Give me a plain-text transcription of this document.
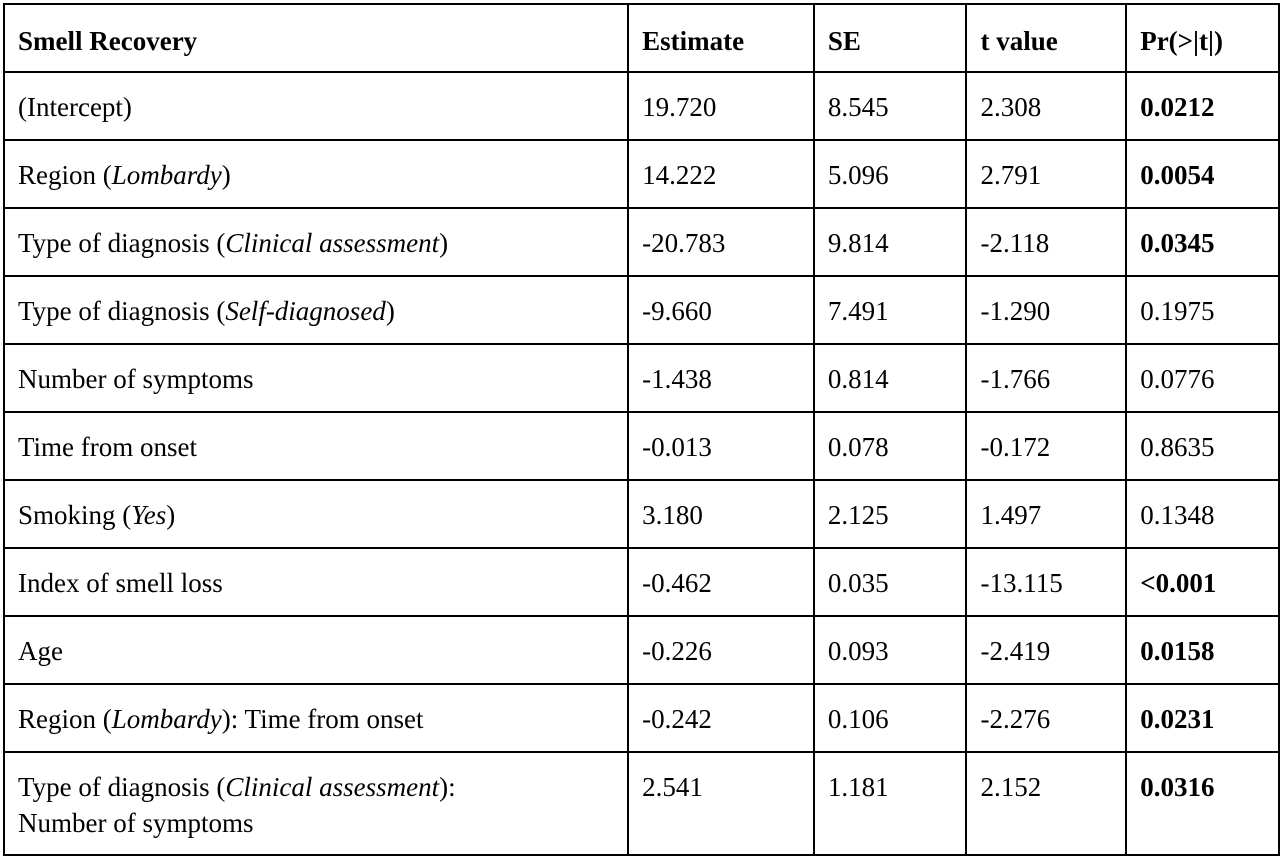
Smell Recovery	Estimate	SE	t value	Pr(>|t|)
(Intercept)	19.720	8.545	2.308	0.0212
Region (Lombardy)	14.222	5.096	2.791	0.0054
Type of diagnosis (Clinical assessment)	-20.783	9.814	-2.118	0.0345
Type of diagnosis (Self-diagnosed)	-9.660	7.491	-1.290	0.1975
Number of symptoms	-1.438	0.814	-1.766	0.0776
Time from onset	-0.013	0.078	-0.172	0.8635
Smoking (Yes)	3.180	2.125	1.497	0.1348
Index of smell loss	-0.462	0.035	-13.115	<0.001
Age	-0.226	0.093	-2.419	0.0158
Region (Lombardy): Time from onset	-0.242	0.106	-2.276	0.0231
Type of diagnosis (Clinical assessment):
Number of symptoms	2.541	1.181	2.152	0.0316
